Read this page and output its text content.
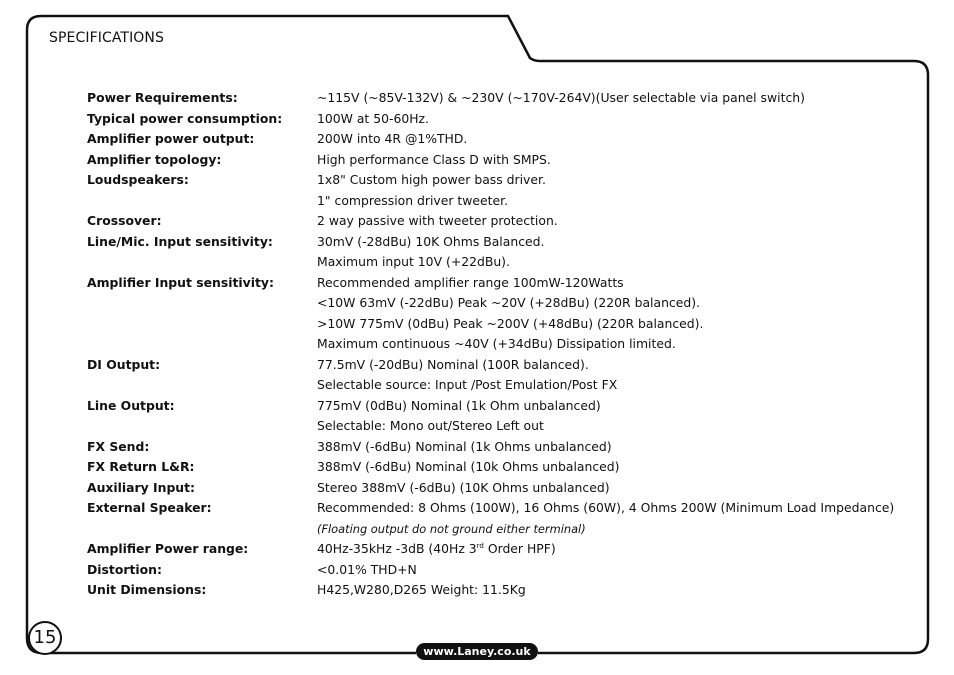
SPECIFICATIONS
Power Requirements:	~115V (~85V-132V) & ~230V (~170V-264V)(User selectable via panel switch)
Typical power consumption:	100W at 50-60Hz.
Amplifier power output:	200W into 4R @1%THD.
Amplifier topology:	High performance Class D with SMPS.
Loudspeakers:	1x8" Custom high power bass driver.
1" compression driver tweeter.
Crossover:	2 way passive with tweeter protection.
Line/Mic. Input sensitivity:	30mV (-28dBu) 10K Ohms Balanced.
Maximum input 10V (+22dBu).
Amplifier Input sensitivity:	Recommended amplifier range 100mW-120Watts
<10W 63mV (-22dBu) Peak ~20V (+28dBu) (220R balanced).
>10W 775mV (0dBu) Peak ~200V (+48dBu) (220R balanced).
Maximum continuous ~40V (+34dBu) Dissipation limited.
DI Output:	77.5mV (-20dBu) Nominal (100R balanced).
Selectable source: Input /Post Emulation/Post FX
Line Output:	775mV (0dBu) Nominal (1k Ohm unbalanced)
Selectable: Mono out/Stereo Left out
FX Send:	388mV (-6dBu) Nominal (1k Ohms unbalanced)
FX Return L&R:	388mV (-6dBu) Nominal (10k Ohms unbalanced)
Auxiliary Input:	Stereo 388mV (-6dBu) (10K Ohms unbalanced)
External Speaker:	Recommended: 8 Ohms (100W), 16 Ohms (60W), 4 Ohms 200W (Minimum Load Impedance)
(Floating output do not ground either terminal)
Amplifier Power range:	40Hz-35kHz -3dB (40Hz 3rd Order HPF)
Distortion:	<0.01% THD+N
Unit Dimensions:	H425,W280,D265 Weight: 11.5Kg
15
www.Laney.co.uk
